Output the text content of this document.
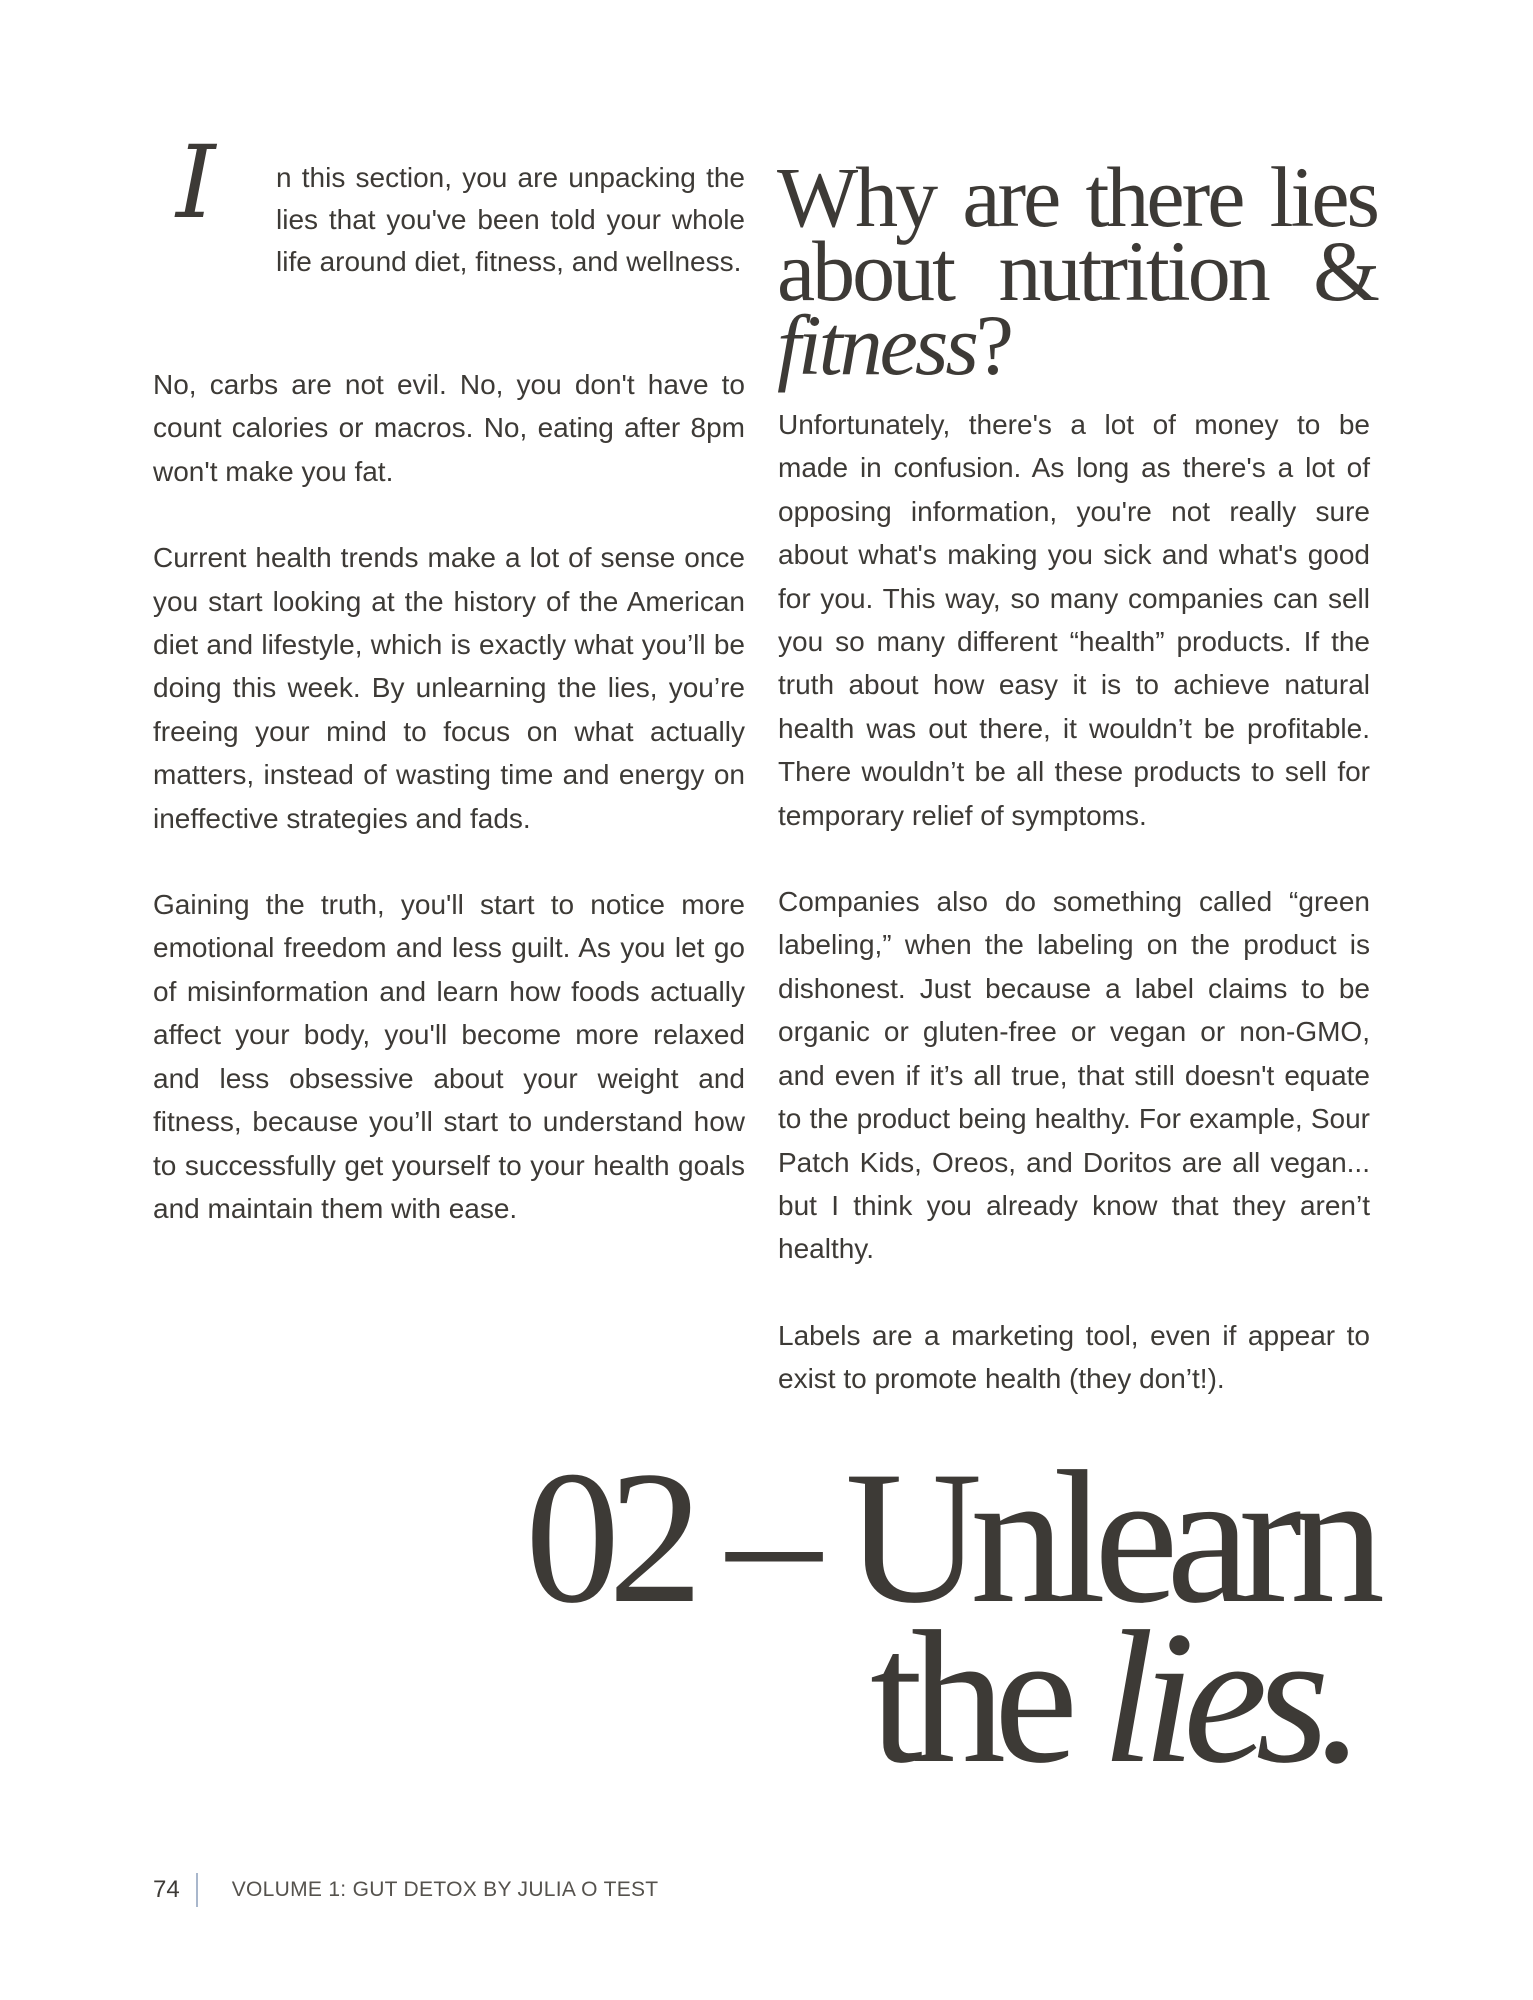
I n this section, you are unpacking the lies that you've been told your whole life around diet, fitness, and wellness.

No, carbs are not evil. No, you don't have to count calories or macros. No, eating after 8pm won't make you fat.

Current health trends make a lot of sense once you start looking at the history of the American diet and lifestyle, which is exactly what you’ll be doing this week. By unlearning the lies, you’re freeing your mind to focus on what actually matters, instead of wasting time and energy on ineffective strategies and fads.

Gaining the truth, you'll start to notice more emotional freedom and less guilt. As you let go of misinformation and learn how foods actually affect your body, you'll become more relaxed and less obsessive about your weight and fitness, because you’ll start to understand how to successfully get yourself to your health goals and maintain them with ease.

Why are there lies
about nutrition &
fitness?

Unfortunately, there's a lot of money to be made in confusion. As long as there's a lot of opposing information, you're not really sure about what's making you sick and what's good for you. This way, so many companies can sell you so many different “health” products. If the truth about how easy it is to achieve natural health was out there, it wouldn’t be profitable. There wouldn’t be all these products to sell for temporary relief of symptoms.

Companies also do something called “green labeling,” when the labeling on the product is dishonest. Just because a label claims to be organic or gluten-free or vegan or non-GMO, and even if it’s all true, that still doesn't equate to the product being healthy. For example, Sour Patch Kids, Oreos, and Doritos are all vegan... but I think you already know that they aren’t healthy.

Labels are a marketing tool, even if appear to exist to promote health (they don’t!).

02 – Unlearn
the lies.
74 VOLUME 1: GUT DETOX BY JULIA O TEST
